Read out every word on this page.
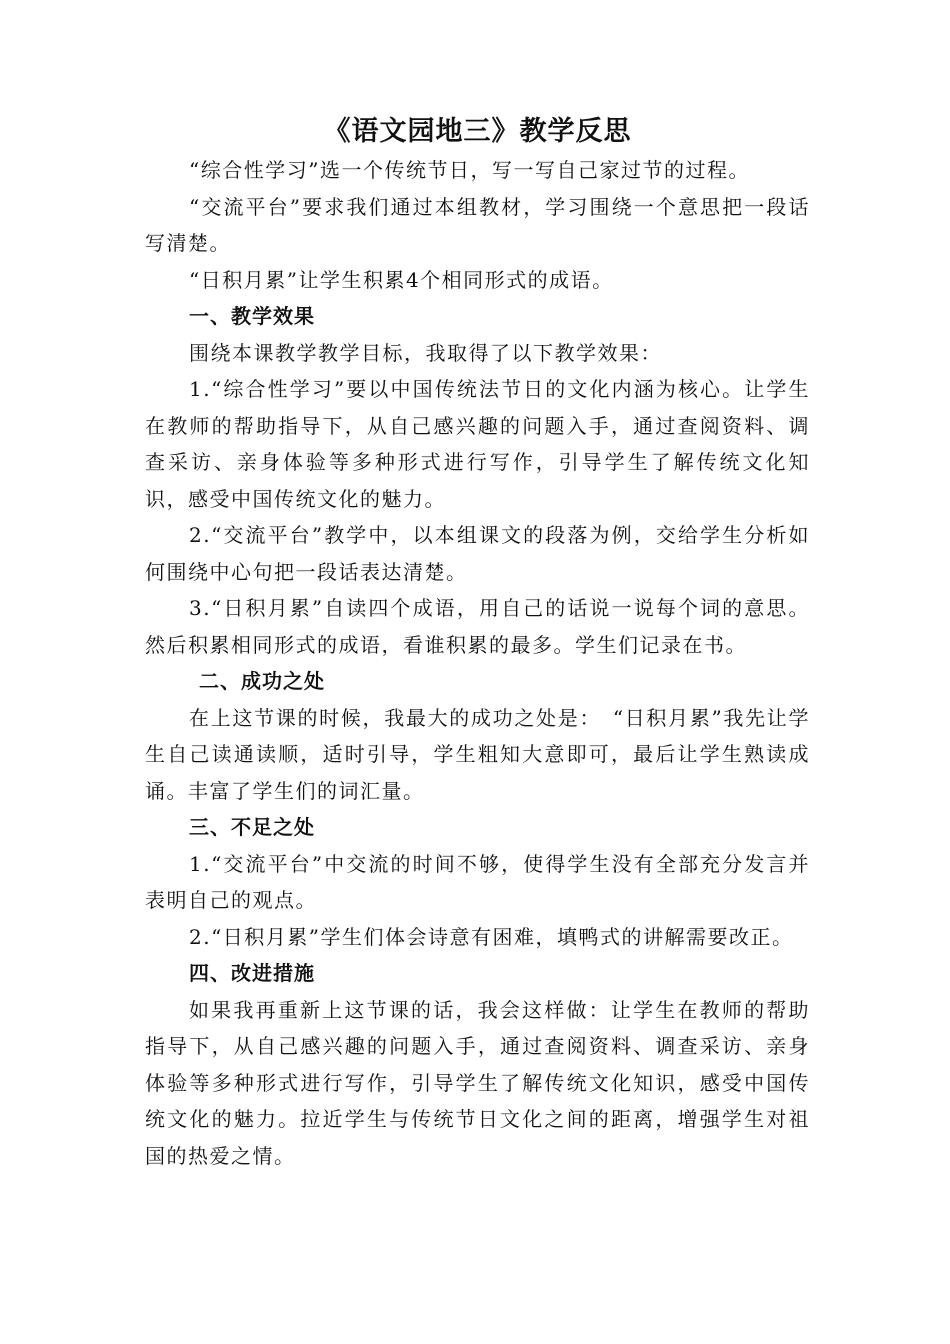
《语文园地三》教学反思

“综合性学习”选一个传统节日，写一写自己家过节的过程。

“交流平台”要求我们通过本组教材，学习围绕一个意思把一段话写清楚。

“日积月累”让学生积累4个相同形式的成语。

一、教学效果

围绕本课教学教学目标，我取得了以下教学效果：

1.“综合性学习”要以中国传统法节日的文化内涵为核心。让学生在教师的帮助指导下，从自己感兴趣的问题入手，通过查阅资料、调查采访、亲身体验等多种形式进行写作，引导学生了解传统文化知识，感受中国传统文化的魅力。

2.“交流平台”教学中，以本组课文的段落为例，交给学生分析如何围绕中心句把一段话表达清楚。

3.“日积月累”自读四个成语，用自己的话说一说每个词的意思。然后积累相同形式的成语，看谁积累的最多。学生们记录在书。

二、成功之处

在上这节课的时候，我最大的成功之处是：　“日积月累”我先让学生自己读通读顺，适时引导，学生粗知大意即可，最后让学生熟读成诵。丰富了学生们的词汇量。

三、不足之处

1.“交流平台”中交流的时间不够，使得学生没有全部充分发言并表明自己的观点。

2.“日积月累”学生们体会诗意有困难，填鸭式的讲解需要改正。

四、改进措施

如果我再重新上这节课的话，我会这样做：让学生在教师的帮助指导下，从自己感兴趣的问题入手，通过查阅资料、调查采访、亲身体验等多种形式进行写作，引导学生了解传统文化知识，感受中国传统文化的魅力。拉近学生与传统节日文化之间的距离，增强学生对祖国的热爱之情。
